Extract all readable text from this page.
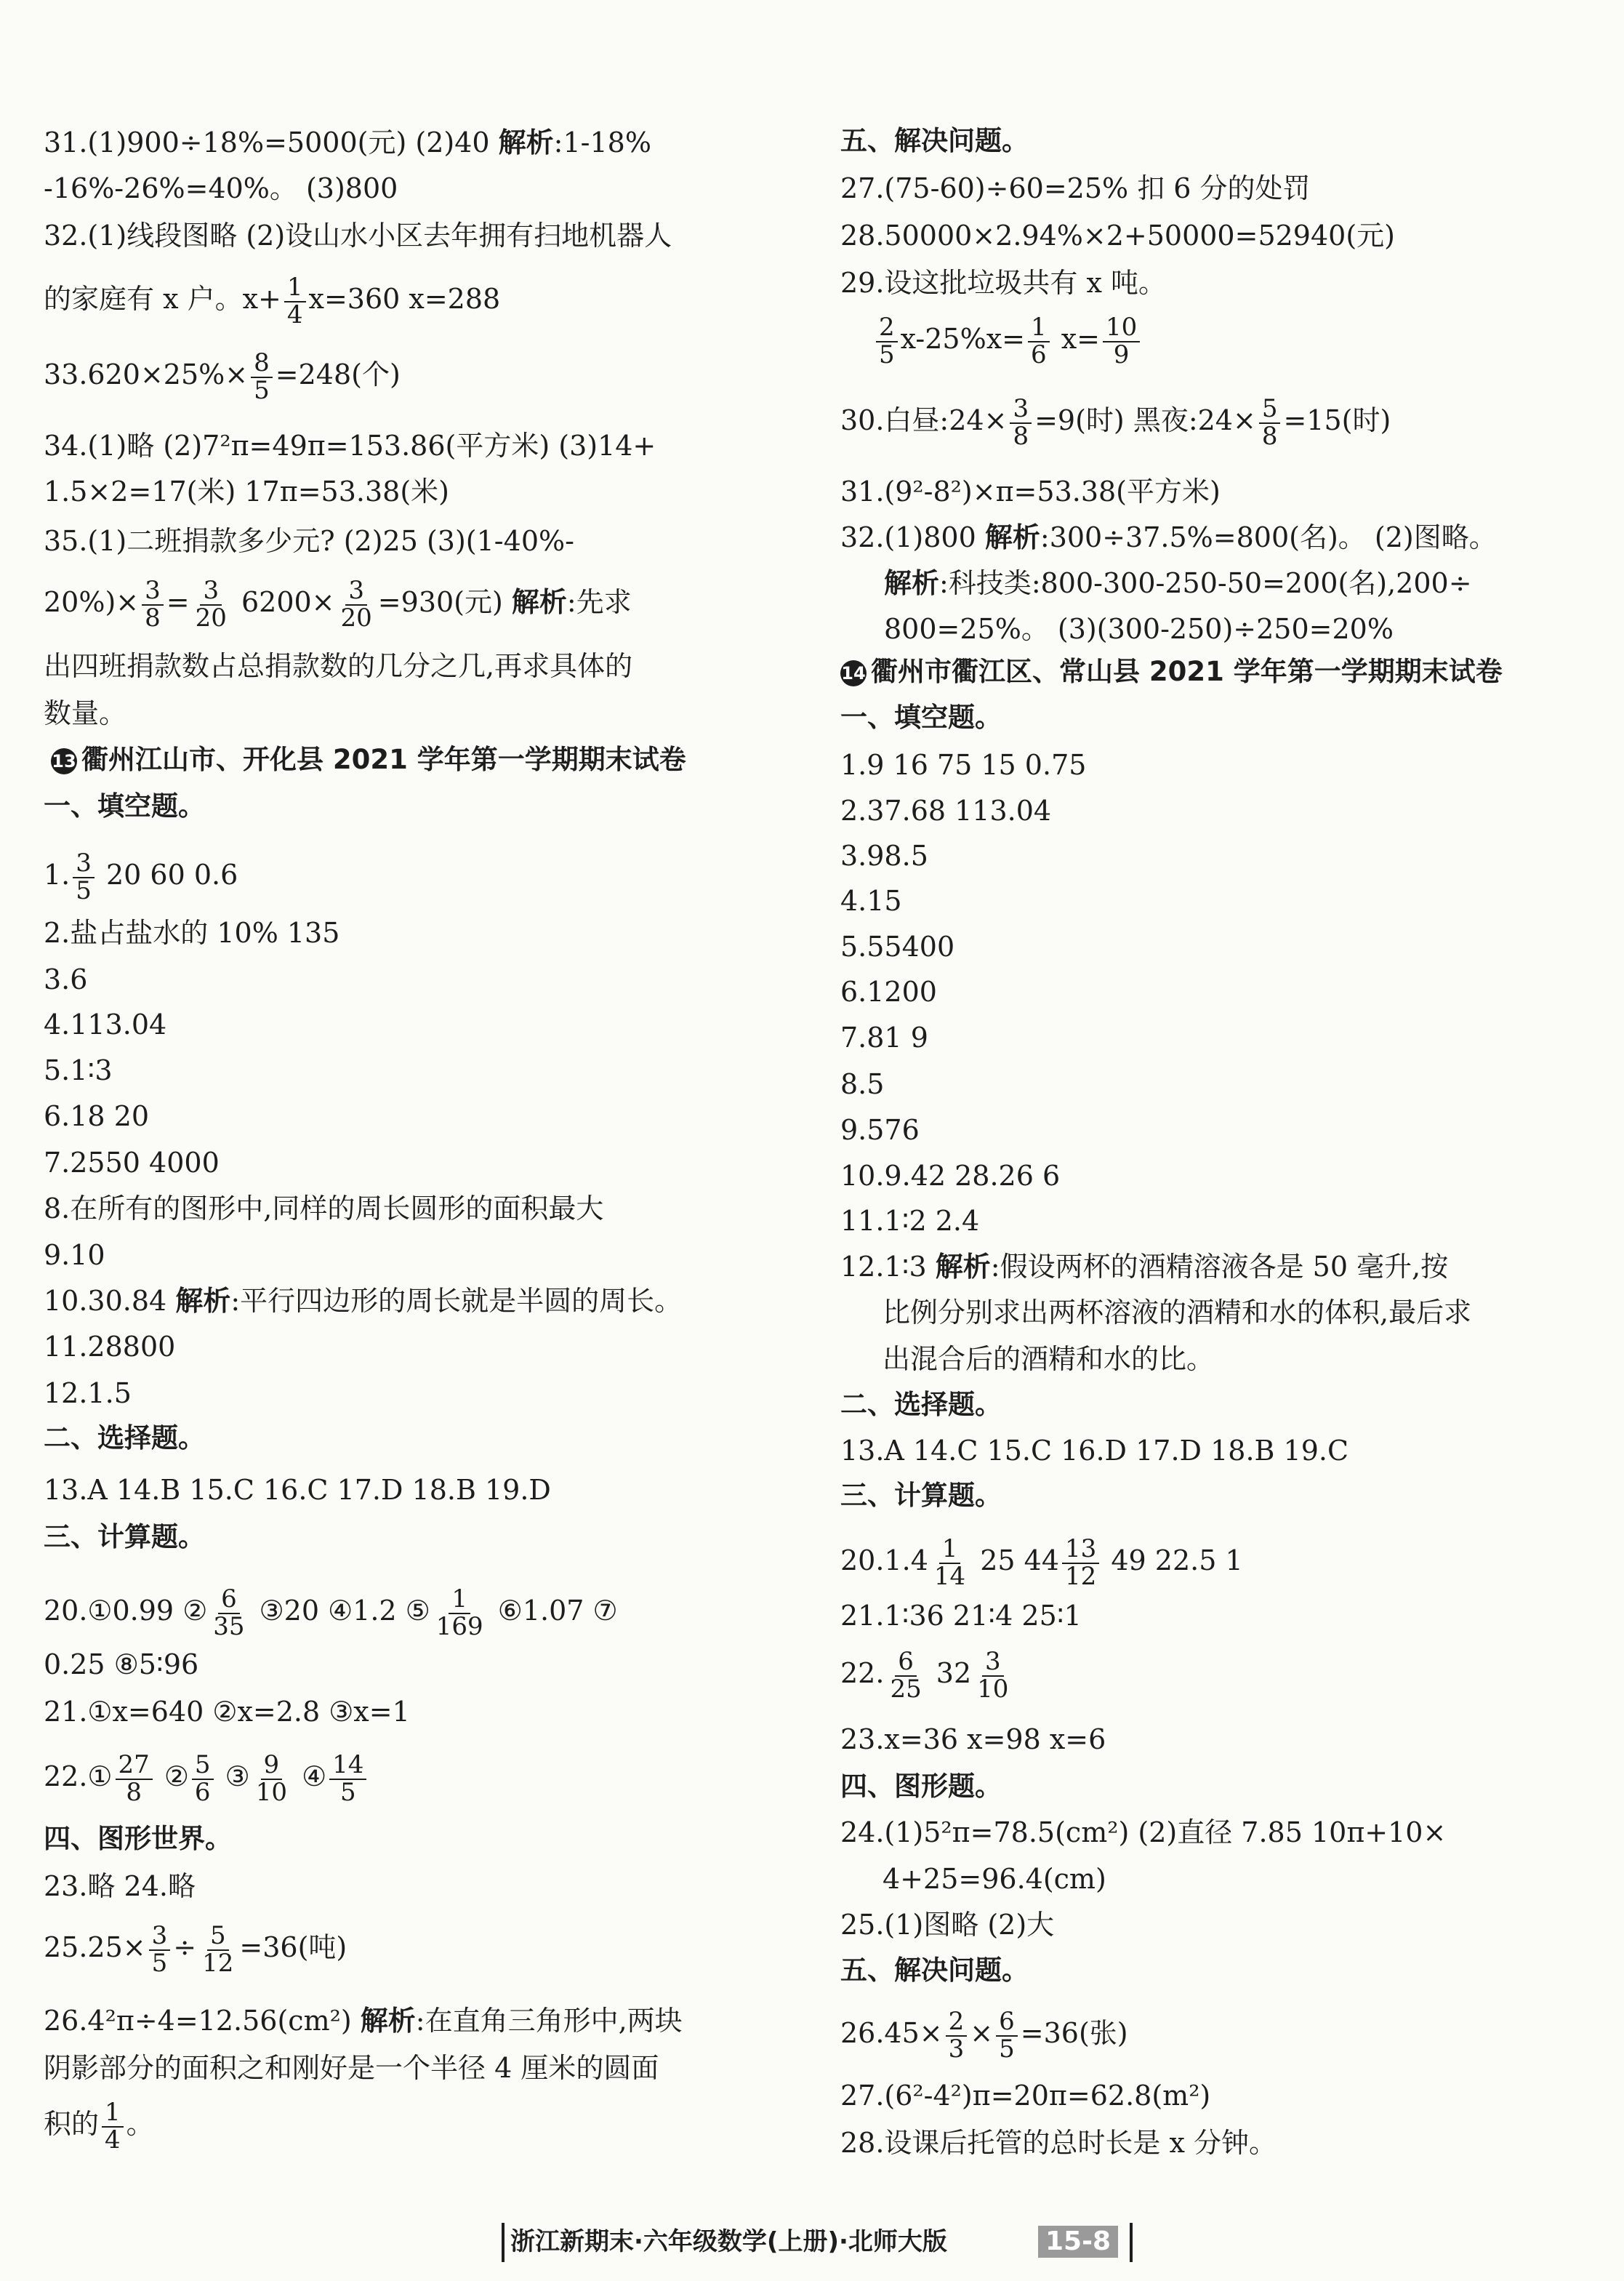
31.(1)900÷18%=5000(元) (2)40 解析:1-18%
-16%-26%=40%。 (3)800
32.(1)线段图略 (2)设山水小区去年拥有扫地机器人
的家庭有 x 户。$x+ \frac{1}{4} x=360$ x=288
$33.620\times 25\%\times \frac{8}{5} =248$(个)
34.(1)略 (2)7²π=49π=153.86(平方米) (3)14+
1.5×2=17(米) 17π=53.38(米)
35.(1)二班捐款多少元? (2)25 (3)(1-40%-
$20\%)\times \frac{3}{8} = \frac{3}{20} 6200\times \frac{3}{20} =930$(元) 解析:先求
出四班捐款数占总捐款数的几分之几,再求具体的
数量。
13 衢州江山市、开化县 2021 学年第一学期期末试卷
一、填空题。
1. $\frac{3}{5} 20$ 60 0.6
2.盐占盐水的 10% 135
3.6
4.113.04
5.1∶3
6.18 20
7.2550 4000
8.在所有的图形中,同样的周长圆形的面积最大
9.10
10.30.84 解析:平行四边形的周长就是半圆的周长。
11.28800
12.1.5
二、选择题。
13.A 14.B 15.C 16.C 17.D 18.B 19.D
三、计算题。
20.①0.99 ② $\frac{6}{35}$ ③20 ④1.2 ⑤ $\frac{1}{169}$ ⑥1.07 ⑦
0.25 ⑧5∶96
21.①x=640 ②x=2.8 ③x=1
22.① $\frac{27}{8}$ ② $\frac{5}{6}$ ③ $\frac{9}{10}$ ④ $\frac{14}{5}$
四、图形世界。
23.略 24.略
$25.25\times \frac{3}{5} \div \frac{5}{12} =36$(吨)
26.4²π÷4=12.56(cm²) 解析:在直角三角形中,两块
阴影部分的面积之和刚好是一个半径 4 厘米的圆面
积的 $\frac{1}{4}$ 。
五、解决问题。
27.(75-60)÷60=25% 扣 6 分的处罚
28.50000×2.94%×2+50000=52940(元)
29.设这批垃圾共有 x 吨。
$\frac{2}{5} x-25\%x= \frac{1}{6} x= \frac{10}{9}$
30.白昼:24× $\frac{3}{8} =9$(时) 黑夜:24× $\frac{5}{8} =15$(时)
31.(9²-8²)×π=53.38(平方米)
32.(1)800 解析:300÷37.5%=800(名)。 (2)图略。
解析:科技类:800-300-250-50=200(名),200÷
800=25%。 (3)(300-250)÷250=20%
14 衢州市衢江区、常山县 2021 学年第一学期期末试卷
一、填空题。
1.9 16 75 15 0.75
2.37.68 113.04
3.98.5
4.15
5.55400
6.1200
7.81 9
8.5
9.576
10.9.42 28.26 6
11.1∶2 2.4
12.1∶3 解析:假设两杯的酒精溶液各是 50 毫升,按
比例分别求出两杯溶液的酒精和水的体积,最后求
出混合后的酒精和水的比。
二、选择题。
13.A 14.C 15.C 16.D 17.D 18.B 19.C
三、计算题。
$20.1.4 \frac{1}{14} 25$ $44 \frac{13}{12} 49$ 22.5 1
21.1∶36 21∶4 25∶1
22. $\frac{6}{25} 32 \frac{3}{10}$
23.x=36 x=98 x=6
四、图形题。
24.(1)5²π=78.5(cm²) (2)直径 7.85 10π+10×
4+25=96.4(cm)
25.(1)图略 (2)大
五、解决问题。
$26.45\times \frac{2}{3} \times \frac{6}{5} =36$(张)
27.(6²-4²)π=20π=62.8(m²)
28.设课后托管的总时长是 x 分钟。
浙江新期末·六年级数学(上册)·北师大版	15-8
